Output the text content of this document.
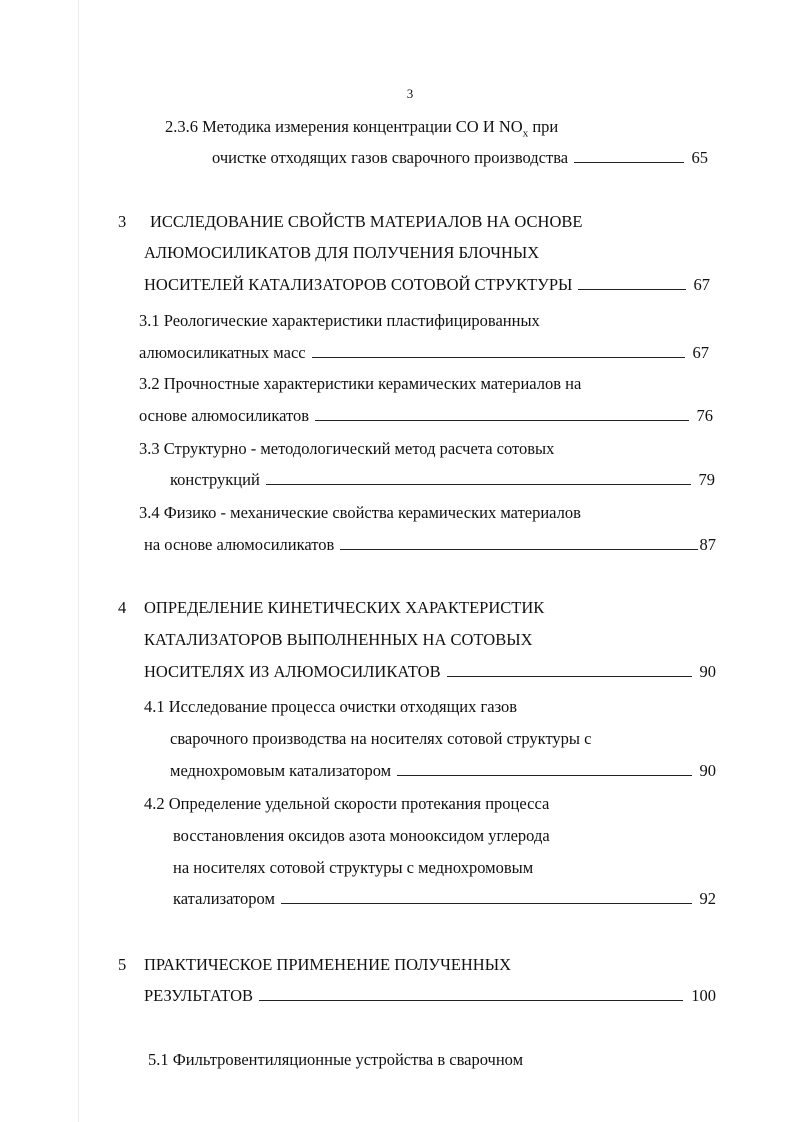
3
2.3.6 Методика измерения концентрации СО И $NO_x$ при
очистке отходящих газов сварочного производства	65
3 ИССЛЕДОВАНИЕ СВОЙСТВ МАТЕРИАЛОВ НА ОСНОВЕ
АЛЮМОСИЛИКАТОВ ДЛЯ ПОЛУЧЕНИЯ БЛОЧНЫХ
НОСИТЕЛЕЙ КАТАЛИЗАТОРОВ СОТОВОЙ СТРУКТУРЫ	67
3.1 Реологические характеристики пластифицированных
алюмосиликатных масс	67
3.2 Прочностные характеристики керамических материалов на
основе алюмосиликатов	76
3.3 Структурно - методологический метод расчета сотовых
конструкций	79
3.4 Физико - механические свойства керамических материалов
на основе алюмосиликатов	87
4 ОПРЕДЕЛЕНИЕ КИНЕТИЧЕСКИХ ХАРАКТЕРИСТИК
КАТАЛИЗАТОРОВ ВЫПОЛНЕННЫХ НА СОТОВЫХ
НОСИТЕЛЯХ ИЗ АЛЮМОСИЛИКАТОВ	90
4.1 Исследование процесса очистки отходящих газов
сварочного производства на носителях сотовой структуры с
меднохромовым катализатором	90
4.2 Определение удельной скорости протекания процесса
восстановления оксидов азота монооксидом углерода
на носителях сотовой структуры с меднохромовым
катализатором	92
5 ПРАКТИЧЕСКОЕ ПРИМЕНЕНИЕ ПОЛУЧЕННЫХ
РЕЗУЛЬТАТОВ	100
5.1 Фильтровентиляционные устройства в сварочном
